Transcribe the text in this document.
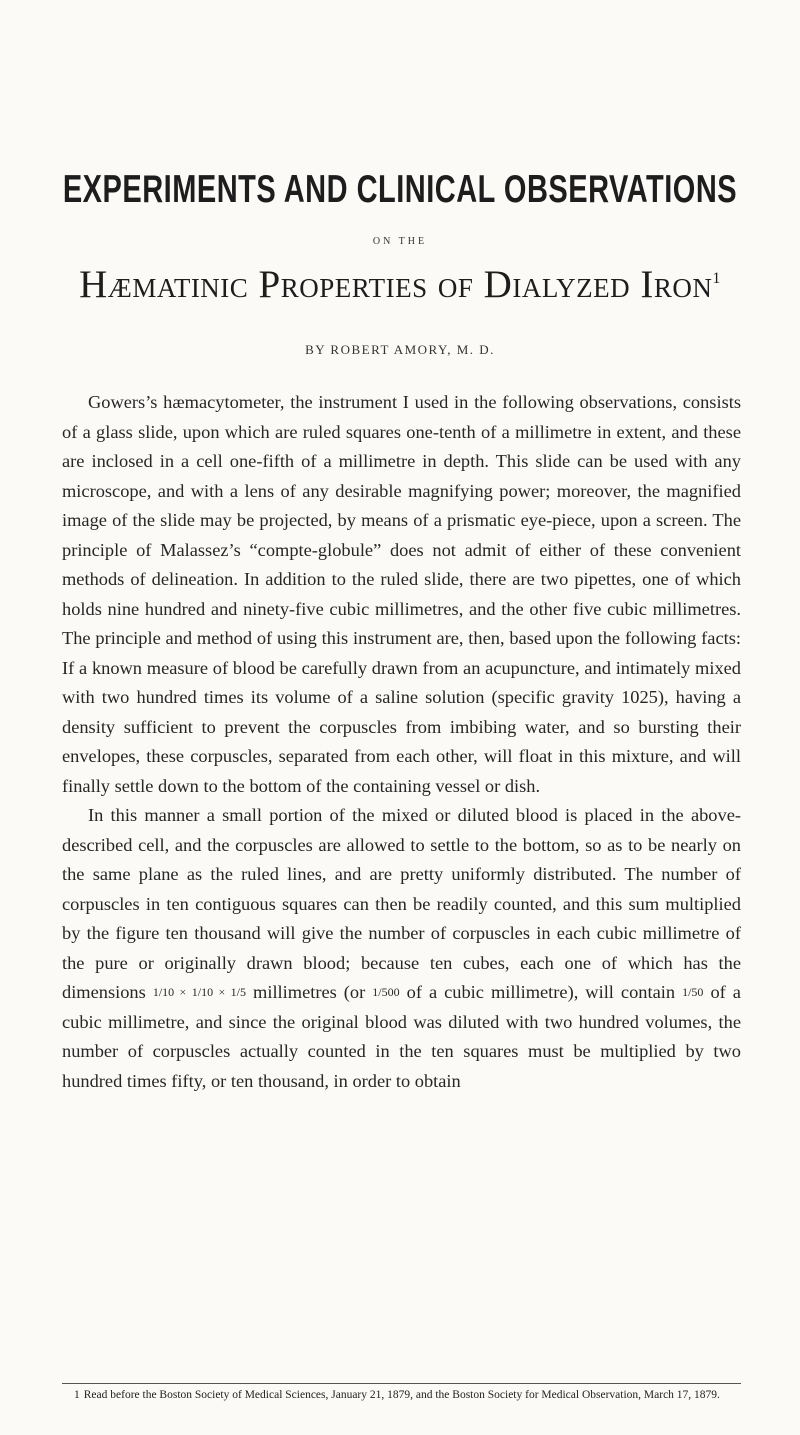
EXPERIMENTS AND CLINICAL OBSERVATIONS
ON THE
Hæmatinic Properties of Dialyzed Iron$^1$
BY ROBERT AMORY, M. D.

Gowers’s hæmacytometer, the instrument I used in the following observations, consists of a glass slide, upon which are ruled squares one-tenth of a millimetre in extent, and these are inclosed in a cell one-fifth of a millimetre in depth. This slide can be used with any microscope, and with a lens of any desirable magnifying power; moreover, the magnified image of the slide may be projected, by means of a prismatic eye-piece, upon a screen. The principle of Malassez’s “compte-globule” does not admit of either of these convenient methods of delineation. In addition to the ruled slide, there are two pipettes, one of which holds nine hundred and ninety-five cubic millimetres, and the other five cubic millimetres. The principle and method of using this instrument are, then, based upon the following facts: If a known measure of blood be carefully drawn from an acupuncture, and intimately mixed with two hundred times its volume of a saline solution (specific gravity 1025), having a density sufficient to prevent the corpuscles from imbibing water, and so bursting their envelopes, these corpuscles, separated from each other, will float in this mixture, and will finally settle down to the bottom of the containing vessel or dish.

In this manner a small portion of the mixed or diluted blood is placed in the above-described cell, and the corpuscles are allowed to settle to the bottom, so as to be nearly on the same plane as the ruled lines, and are pretty uniformly distributed. The number of corpuscles in ten contiguous squares can then be readily counted, and this sum multiplied by the figure ten thousand will give the number of corpuscles in each cubic millimetre of the pure or originally drawn blood; because ten cubes, each one of which has the dimensions 1/10 × 1/10 × 1/5 millimetres (or 1/500 of a cubic millimetre), will contain 1/50 of a cubic millimetre, and since the original blood was diluted with two hundred volumes, the number of corpuscles actually counted in the ten squares must be multiplied by two hundred times fifty, or ten thousand, in order to obtain

1 Read before the Boston Society of Medical Sciences, January 21, 1879, and the Boston Society for Medical Observation, March 17, 1879.
